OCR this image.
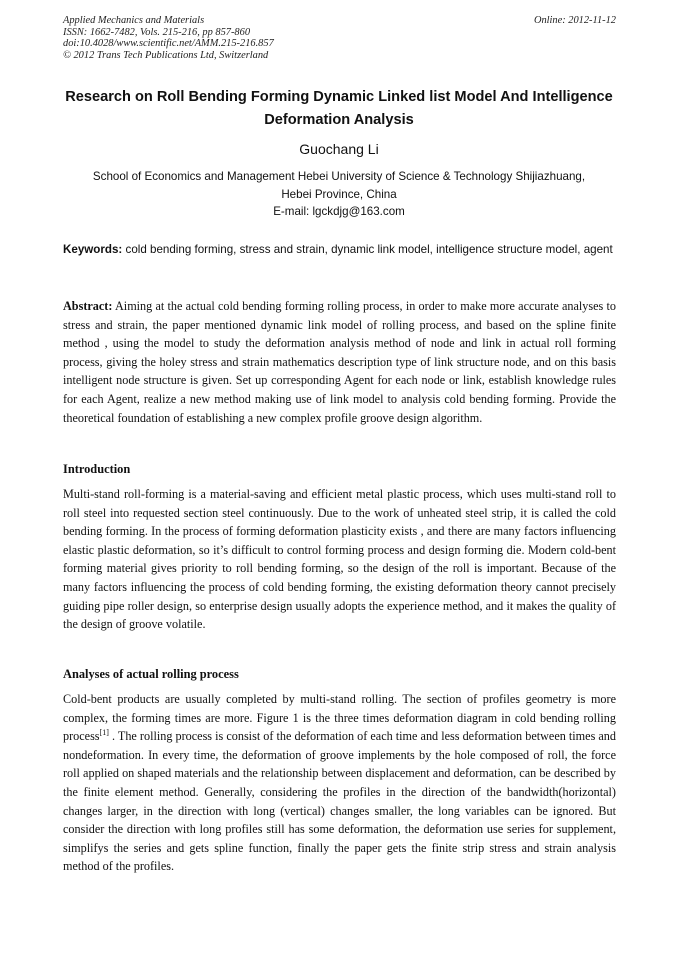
Applied Mechanics and Materials
ISSN: 1662-7482, Vols. 215-216, pp 857-860
doi:10.4028/www.scientific.net/AMM.215-216.857
© 2012 Trans Tech Publications Ltd, Switzerland
Online: 2012-11-12
Research on Roll Bending Forming Dynamic Linked list Model And Intelligence Deformation Analysis
Guochang Li
School of Economics and Management Hebei University of Science & Technology Shijiazhuang,
Hebei Province, China
E-mail: lgckdjg@163.com
Keywords: cold bending forming, stress and strain, dynamic link model, intelligence structure model, agent
Abstract: Aiming at the actual cold bending forming rolling process, in order to make more accurate analyses to stress and strain, the paper mentioned dynamic link model of rolling process, and based on the spline finite method , using the model to study the deformation analysis method of node and link in actual roll forming process, giving the holey stress and strain mathematics description type of link structure node, and on this basis intelligent node structure is given. Set up corresponding Agent for each node or link, establish knowledge rules for each Agent, realize a new method making use of link model to analysis cold bending forming. Provide the theoretical foundation of establishing a new complex profile groove design algorithm.
Introduction
Multi-stand roll-forming is a material-saving and efficient metal plastic process, which uses multi-stand roll to roll steel into requested section steel continuously. Due to the work of unheated steel strip, it is called the cold bending forming. In the process of forming deformation plasticity exists , and there are many factors influencing elastic plastic deformation, so it’s difficult to control forming process and design forming die. Modern cold-bent forming material gives priority to roll bending forming, so the design of the roll is important. Because of the many factors influencing the process of cold bending forming, the existing deformation theory cannot precisely guiding pipe roller design, so enterprise design usually adopts the experience method, and it makes the quality of the design of groove volatile.
Analyses of actual rolling process
Cold-bent products are usually completed by multi-stand rolling. The section of profiles geometry is more complex, the forming times are more. Figure 1 is the three times deformation diagram in cold bending rolling process[1] . The rolling process is consist of the deformation of each time and less deformation between times and nondeformation. In every time, the deformation of groove implements by the hole composed of roll, the force roll applied on shaped materials and the relationship between displacement and deformation, can be described by the finite element method. Generally, considering the profiles in the direction of the bandwidth(horizontal) changes larger, in the direction with long (vertical) changes smaller, the long variables can be ignored. But consider the direction with long profiles still has some deformation, the deformation use series for supplement, simplifys the series and gets spline function, finally the paper gets the finite strip stress and strain analysis method of the profiles.
